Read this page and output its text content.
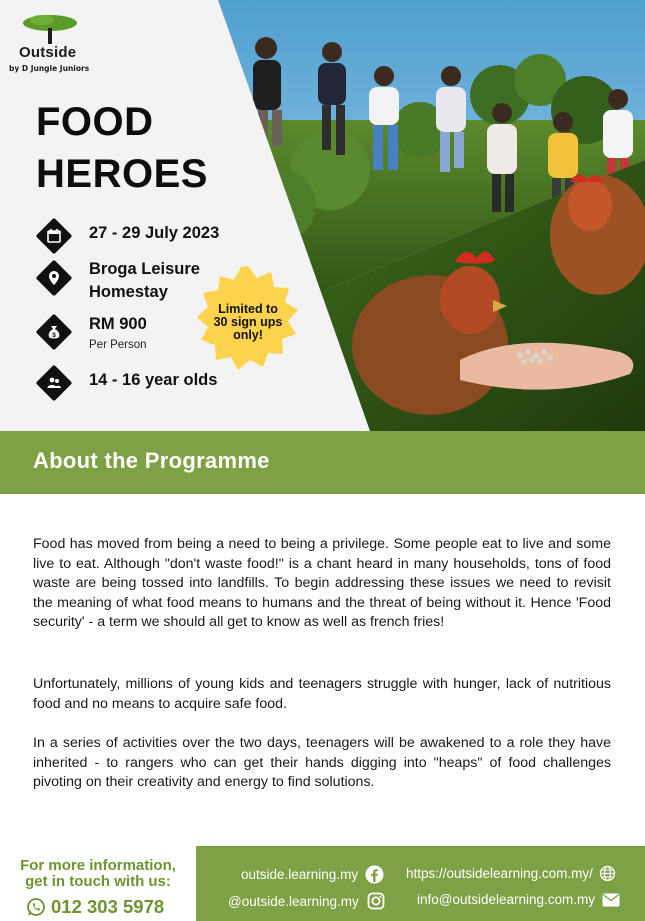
Outside
by D Jungle Juniors
FOOD
HEROES
27 - 29 July 2023
Broga Leisure
Homestay
$
RM 900
Per Person
14 - 16 year olds
Limited to
30 sign ups
only!
About the Programme

Food has moved from being a need to being a privilege. Some people eat to live and some live to eat. Although "don't waste food!" is a chant heard in many households, tons of food waste are being tossed into landfills. To begin addressing these issues we need to revisit the meaning of what food means to humans and the threat of being without it. Hence 'Food security' - a term we should all get to know as well as french fries!

Unfortunately, millions of young kids and teenagers struggle with hunger, lack of nutritious food and no means to acquire safe food.

In a series of activities over the two days, teenagers will be awakened to a role they have inherited - to rangers who can get their hands digging into "heaps" of food challenges pivoting on their creativity and energy to find solutions.

For more information,
get in touch with us:
012 303 5978
outside.learning.my	https://outsidelearning.com.my/
@outside.learning.my	info@outsidelearning.com.my
